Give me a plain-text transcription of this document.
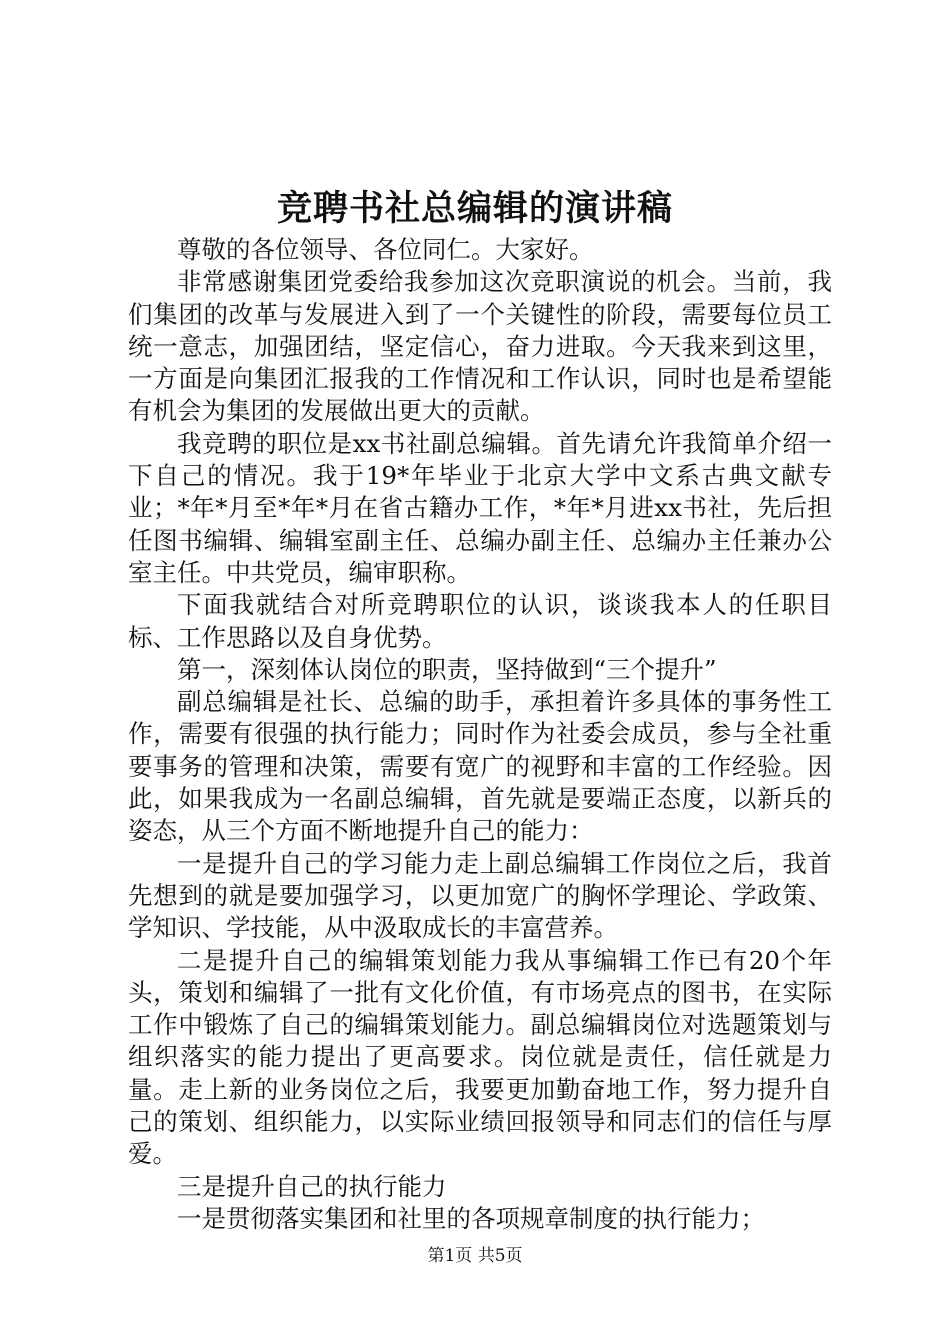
竞聘书社总编辑的演讲稿

尊敬的各位领导、各位同仁。大家好。

非常感谢集团党委给我参加这次竞职演说的机会。当前，我们集团的改革与发展进入到了一个关键性的阶段，需要每位员工统一意志，加强团结，坚定信心，奋力进取。今天我来到这里，一方面是向集团汇报我的工作情况和工作认识，同时也是希望能有机会为集团的发展做出更大的贡献。

我竞聘的职位是xx书社副总编辑。首先请允许我简单介绍一下自己的情况。我于19*年毕业于北京大学中文系古典文献专业；*年*月至*年*月在省古籍办工作，*年*月进xx书社，先后担任图书编辑、编辑室副主任、总编办副主任、总编办主任兼办公室主任。中共党员，编审职称。

下面我就结合对所竞聘职位的认识，谈谈我本人的任职目标、工作思路以及自身优势。

第一，深刻体认岗位的职责，坚持做到“三个提升”

副总编辑是社长、总编的助手，承担着许多具体的事务性工作，需要有很强的执行能力；同时作为社委会成员，参与全社重要事务的管理和决策，需要有宽广的视野和丰富的工作经验。因此，如果我成为一名副总编辑，首先就是要端正态度，以新兵的姿态，从三个方面不断地提升自己的能力：

一是提升自己的学习能力走上副总编辑工作岗位之后，我首先想到的就是要加强学习，以更加宽广的胸怀学理论、学政策、学知识、学技能，从中汲取成长的丰富营养。

二是提升自己的编辑策划能力我从事编辑工作已有20个年头，策划和编辑了一批有文化价值，有市场亮点的图书，在实际工作中锻炼了自己的编辑策划能力。副总编辑岗位对选题策划与组织落实的能力提出了更高要求。岗位就是责任，信任就是力量。走上新的业务岗位之后，我要更加勤奋地工作，努力提升自己的策划、组织能力，以实际业绩回报领导和同志们的信任与厚爱。

三是提升自己的执行能力

一是贯彻落实集团和社里的各项规章制度的执行能力；

第1页 共5页
